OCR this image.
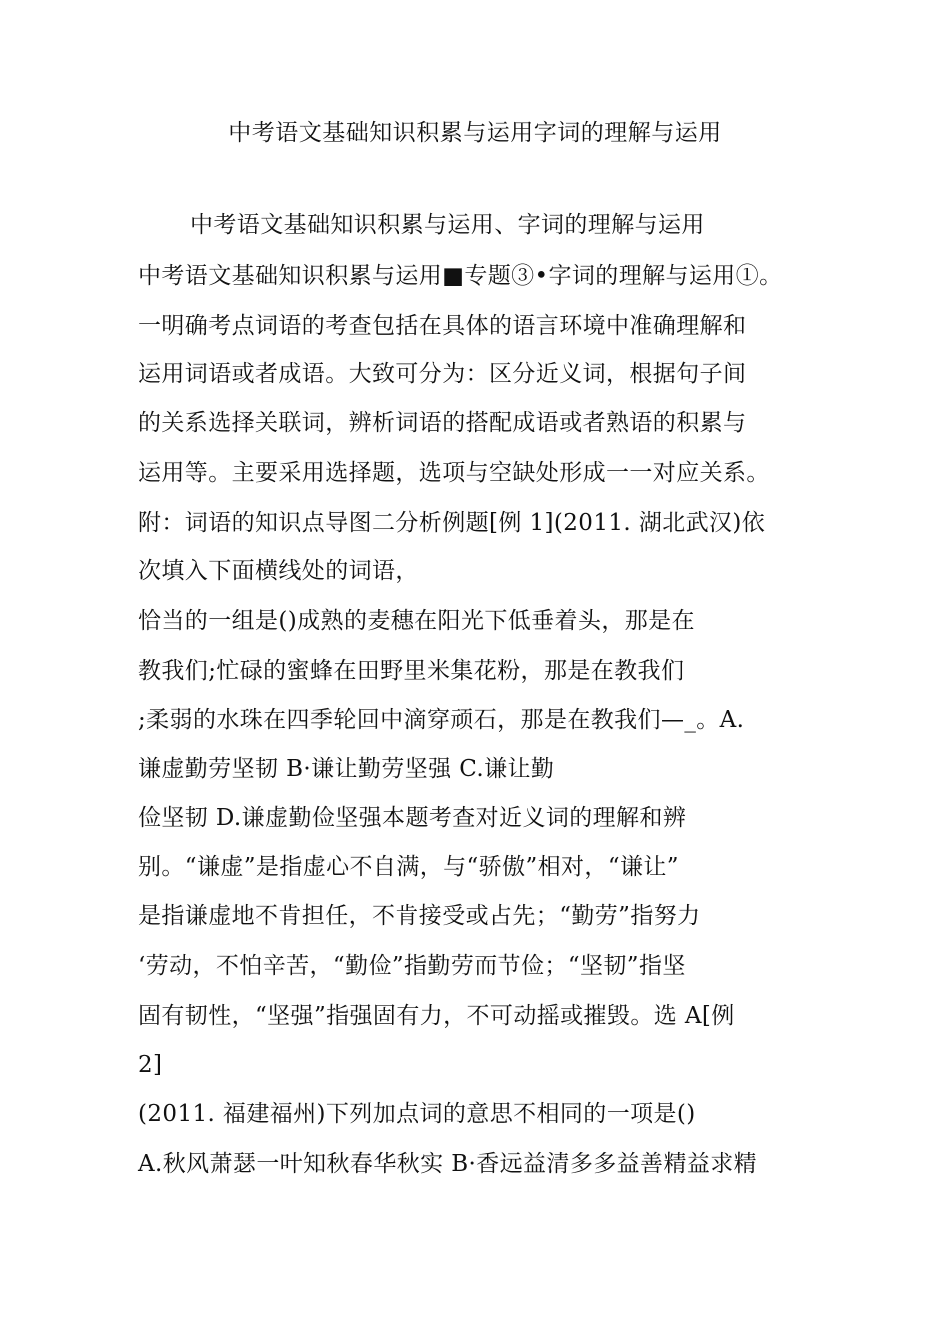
中考语文基础知识积累与运用字词的理解与运用
中考语文基础知识积累与运用、字词的理解与运用
中考语文基础知识积累与运用■专题③•字词的理解与运用①。
一明确考点词语的考查包括在具体的语言环境中准确理解和
运用词语或者成语。大致可分为：区分近义词，根据句子间
的关系选择关联词，辨析词语的搭配成语或者熟语的积累与
运用等。主要采用选择题，选项与空缺处形成一一对应关系。
附：词语的知识点导图二分析例题[例 1](2011. 湖北武汉)依
次填入下面横线处的词语，
恰当的一组是()成熟的麦穗在阳光下低垂着头，那是在
教我们;忙碌的蜜蜂在田野里米集花粉，那是在教我们
;柔弱的水珠在四季轮回中滴穿顽石，那是在教我们—_。A.
谦虚勤劳坚韧 B·谦让勤劳坚强 C.谦让勤
俭坚韧 D.谦虚勤俭坚强本题考查对近义词的理解和辨
别。“谦虚”是指虚心不自满，与“骄傲”相对，“谦让”
是指谦虚地不肯担任，不肯接受或占先；“勤劳”指努力
‘劳动，不怕辛苦，“勤俭”指勤劳而节俭；“坚韧”指坚
固有韧性，“坚强”指强固有力，不可动摇或摧毁。选 A[例
2]
(2011. 福建福州)下列加点词的意思不相同的一项是()
A.秋风萧瑟一叶知秋春华秋实 B·香远益清多多益善精益求精
